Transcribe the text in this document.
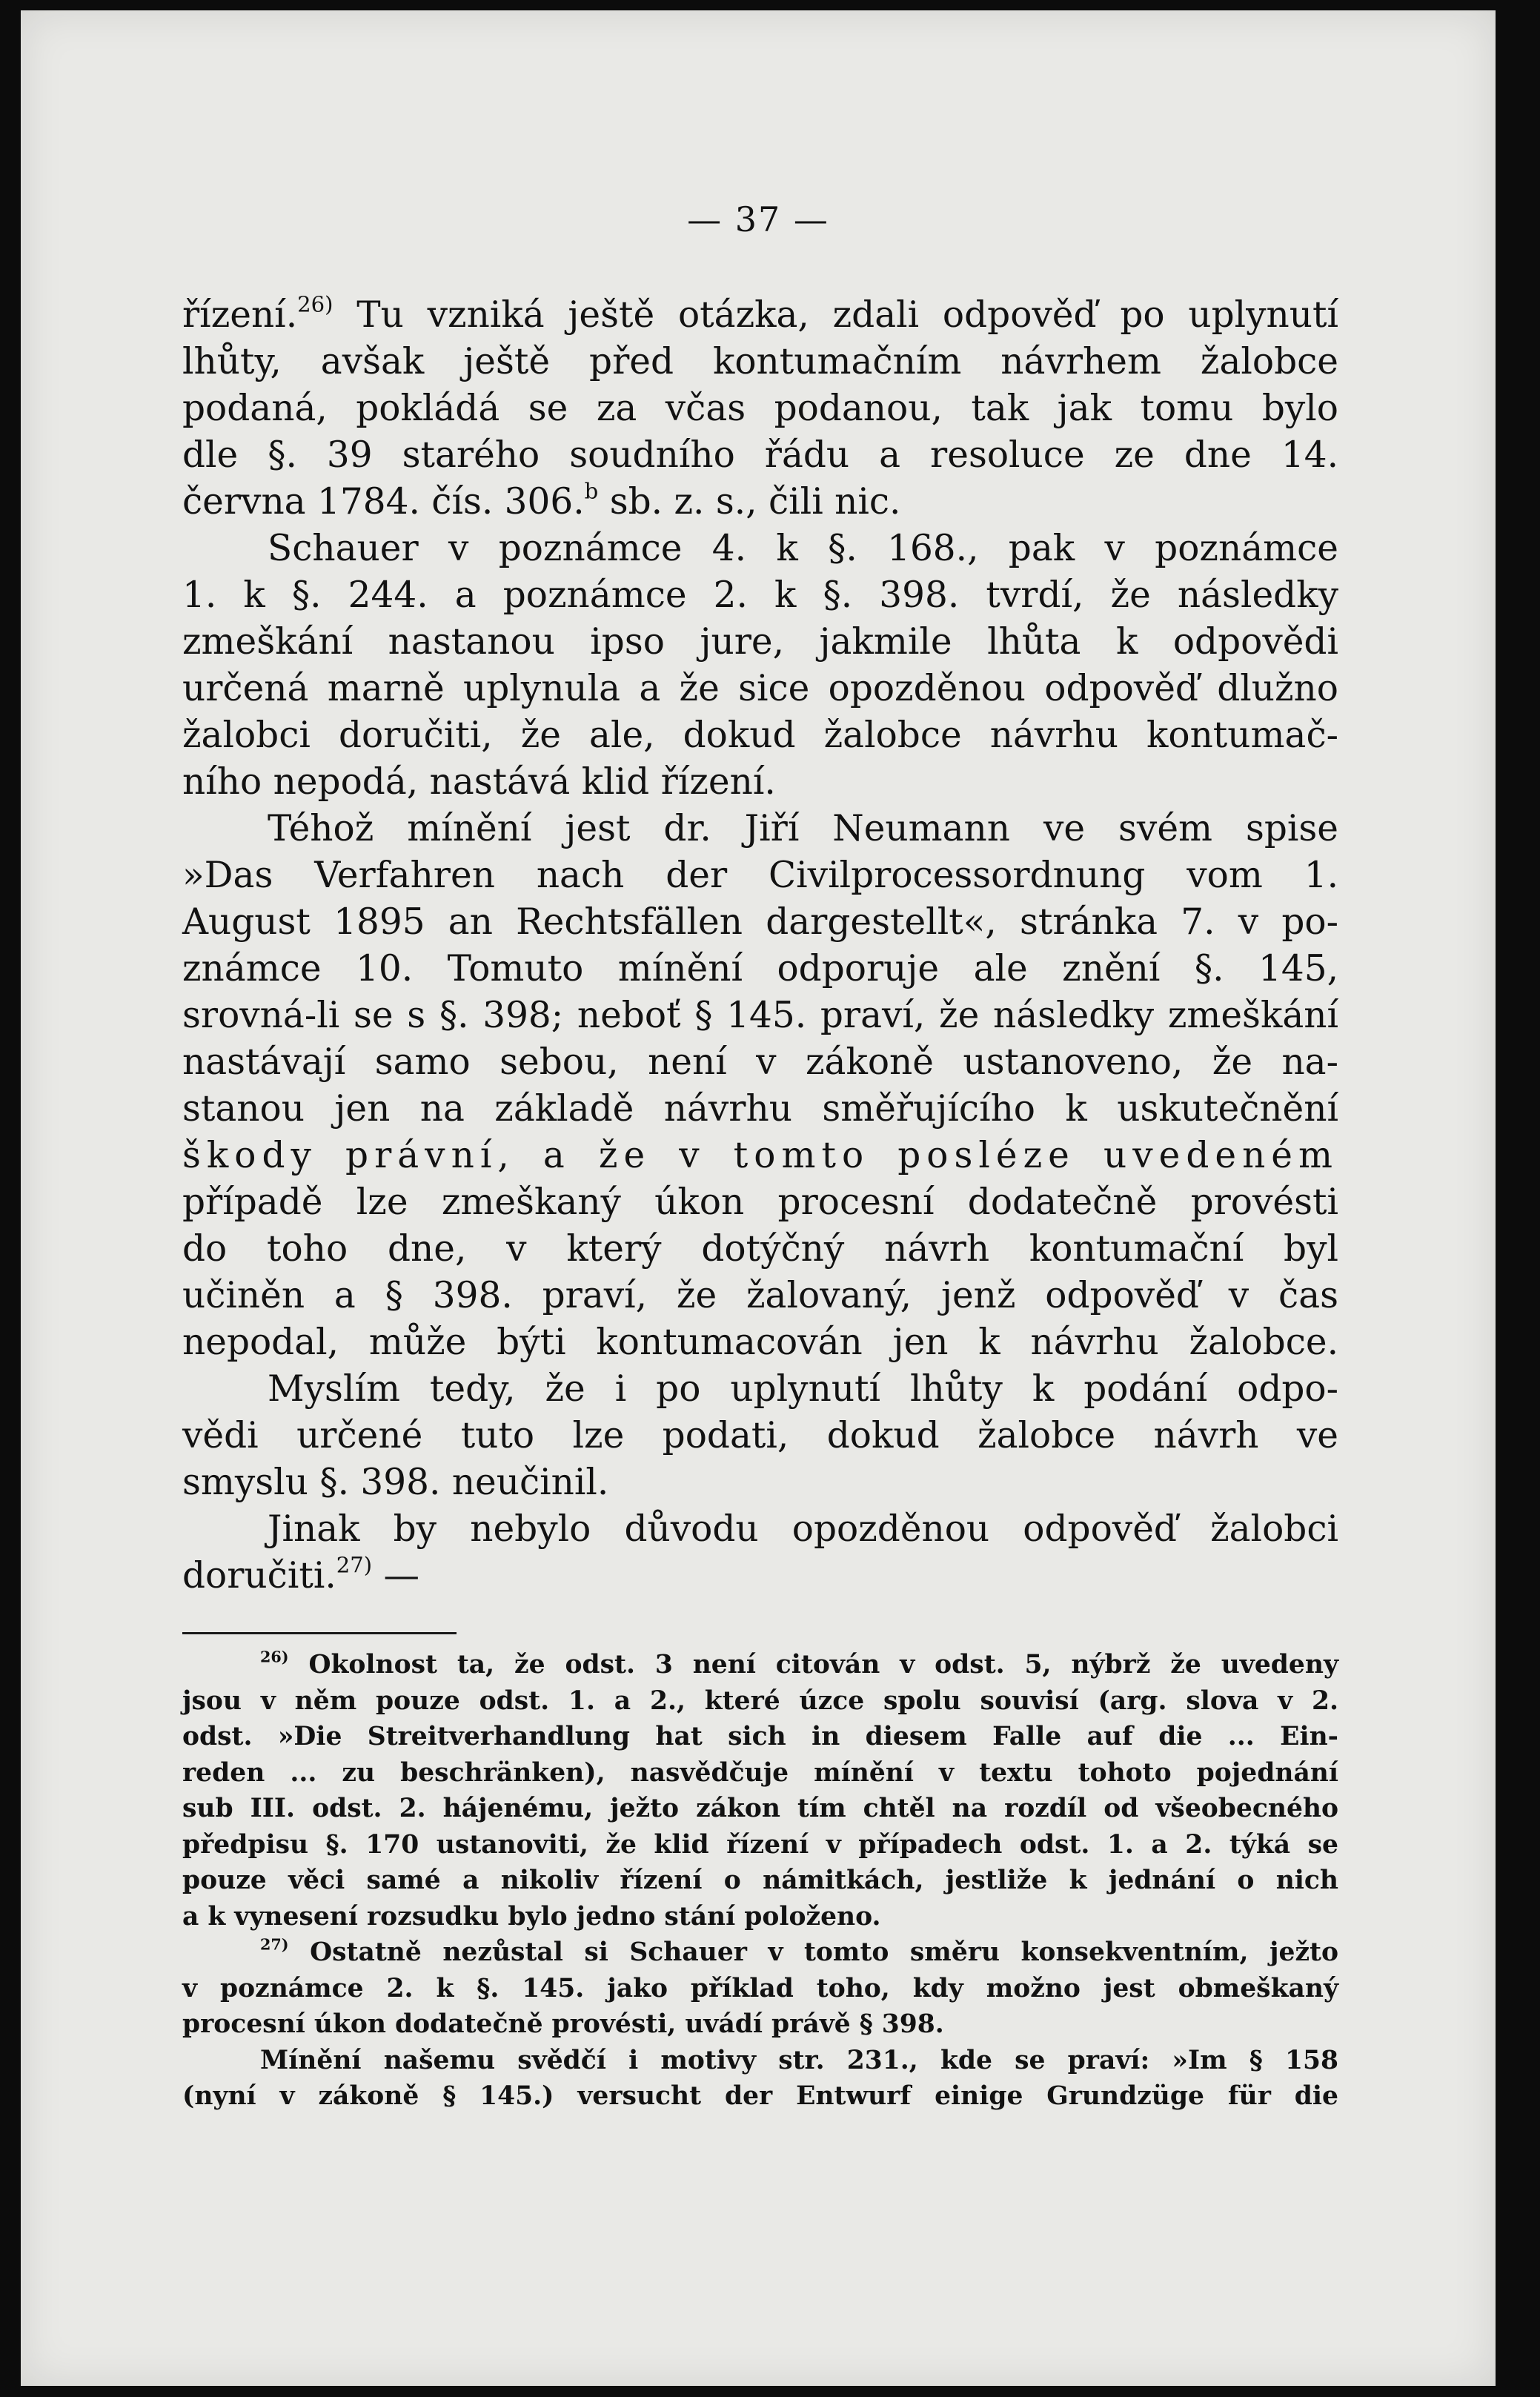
— 37 —
řízení.$^{26)}$ Tu vzniká ještě otázka, zdali odpověď po uplynutí
lhůty, avšak ještě před kontumačním návrhem žalobce
podaná, pokládá se za včas podanou, tak jak tomu bylo
dle §. 39 starého soudního řádu a resoluce ze dne 14.
června 1784. čís. 306.$^b$ sb. z. s., čili nic.
Schauer v poznámce 4. k §. 168., pak v poznámce
1. k §. 244. a poznámce 2. k §. 398. tvrdí, že následky
zmeškání nastanou ipso jure, jakmile lhůta k odpovědi
určená marně uplynula a že sice opozděnou odpověď dlužno
žalobci doručiti, že ale, dokud žalobce návrhu kontumač-
ního nepodá, nastává klid řízení.
Téhož mínění jest dr. Jiří Neumann ve svém spise
»Das Verfahren nach der Civilprocessordnung vom 1.
August 1895 an Rechtsfällen dargestellt«, stránka 7. v po-
známce 10. Tomuto mínění odporuje ale znění §. 145,
srovná-li se s §. 398; neboť § 145. praví, že následky zmeškání
nastávají samo sebou, není v zákoně ustanoveno, že na-
stanou jen na základě návrhu směřujícího k uskutečnění
škody právní, a že v tomto posléze uvedeném
případě lze zmeškaný úkon procesní dodatečně provésti
do toho dne, v který dotýčný návrh kontumační byl
učiněn a § 398. praví, že žalovaný, jenž odpověď v čas
nepodal, může býti kontumacován jen k návrhu žalobce.
Myslím tedy, že i po uplynutí lhůty k podání odpo-
vědi určené tuto lze podati, dokud žalobce návrh ve
smyslu §. 398. neučinil.
Jinak by nebylo důvodu opozděnou odpověď žalobci
doručiti.$^{27)}$ —
$^{26)}$ Okolnost ta, že odst. 3 není citován v odst. 5, nýbrž že uvedeny
jsou v něm pouze odst. 1. a 2., které úzce spolu souvisí (arg. slova v 2.
odst. »Die Streitverhandlung hat sich in diesem Falle auf die ... Ein-
reden ... zu beschränken), nasvědčuje mínění v textu tohoto pojednání
sub III. odst. 2. hájenému, ježto zákon tím chtěl na rozdíl od všeobecného
předpisu §. 170 ustanoviti, že klid řízení v případech odst. 1. a 2. týká se
pouze věci samé a nikoliv řízení o námitkách, jestliže k jednání o nich
a k vynesení rozsudku bylo jedno stání položeno.
$^{27)}$ Ostatně nezůstal si Schauer v tomto směru konsekventním, ježto
v poznámce 2. k §. 145. jako příklad toho, kdy možno jest obmeškaný
procesní úkon dodatečně provésti, uvádí právě § 398.
Mínění našemu svědčí i motivy str. 231., kde se praví: »Im § 158
(nyní v zákoně § 145.) versucht der Entwurf einige Grundzüge für die
